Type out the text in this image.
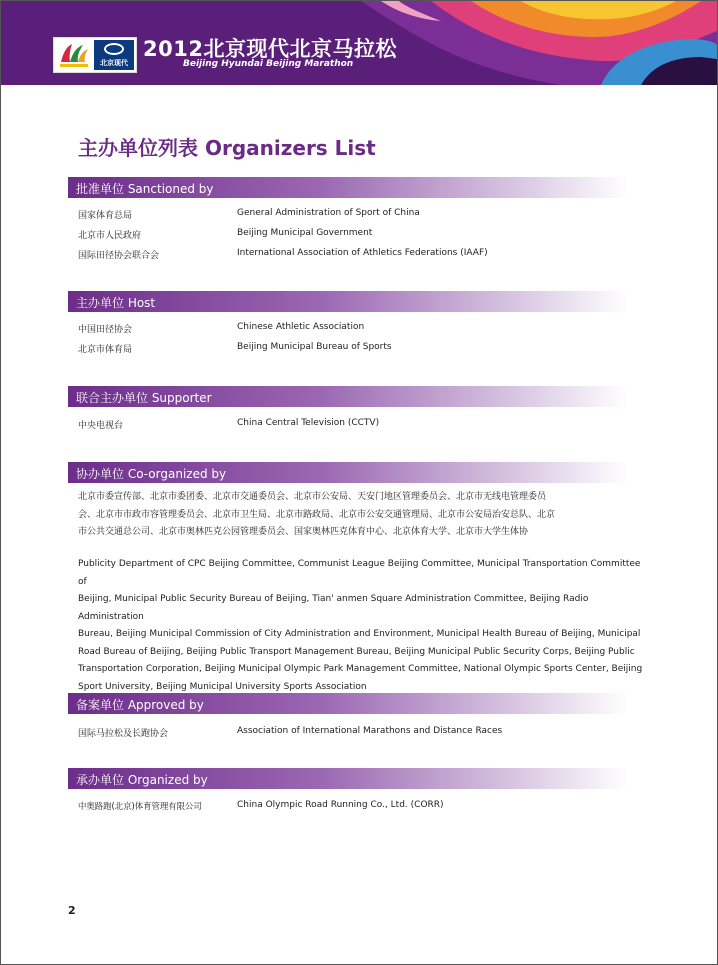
北京现代
2012北京现代北京马拉松
Beijing Hyundai Beijing Marathon
主办单位列表 Organizers List
批准单位 Sanctioned by
国家体育总局	General Administration of Sport of China
北京市人民政府	Beijing Municipal Government
国际田径协会联合会	International Association of Athletics Federations (IAAF)
主办单位 Host
中国田径协会	Chinese Athletic Association
北京市体育局	Beijing Municipal Bureau of Sports
联合主办单位 Supporter
中央电视台	China Central Television (CCTV)
协办单位 Co-organized by
北京市委宣传部、北京市委团委、北京市交通委员会、北京市公安局、天安门地区管理委员会、北京市无线电管理委员
会、北京市市政市容管理委员会、北京市卫生局、北京市路政局、北京市公安交通管理局、北京市公安局治安总队、北京
市公共交通总公司、北京市奥林匹克公园管理委员会、国家奥林匹克体育中心、北京体育大学、北京市大学生体协
Publicity Department of CPC Beijing Committee, Communist League Beijing Committee, Municipal Transportation Committee of
Beijing, Municipal Public Security Bureau of Beijing, Tian' anmen Square Administration Committee, Beijing Radio Administration
Bureau, Beijing Municipal Commission of City Administration and Environment, Municipal Health Bureau of Beijing, Municipal
Road Bureau of Beijing, Beijing Public Transport Management Bureau, Beijing Municipal Public Security Corps, Beijing Public
Transportation Corporation, Beijing Municipal Olympic Park Management Committee, National Olympic Sports Center, Beijing
Sport University, Beijing Municipal University Sports Association
备案单位 Approved by
国际马拉松及长跑协会	Association of International Marathons and Distance Races
承办单位 Organized by
中奥路跑(北京)体育管理有限公司	China Olympic Road Running Co., Ltd. (CORR)
2
